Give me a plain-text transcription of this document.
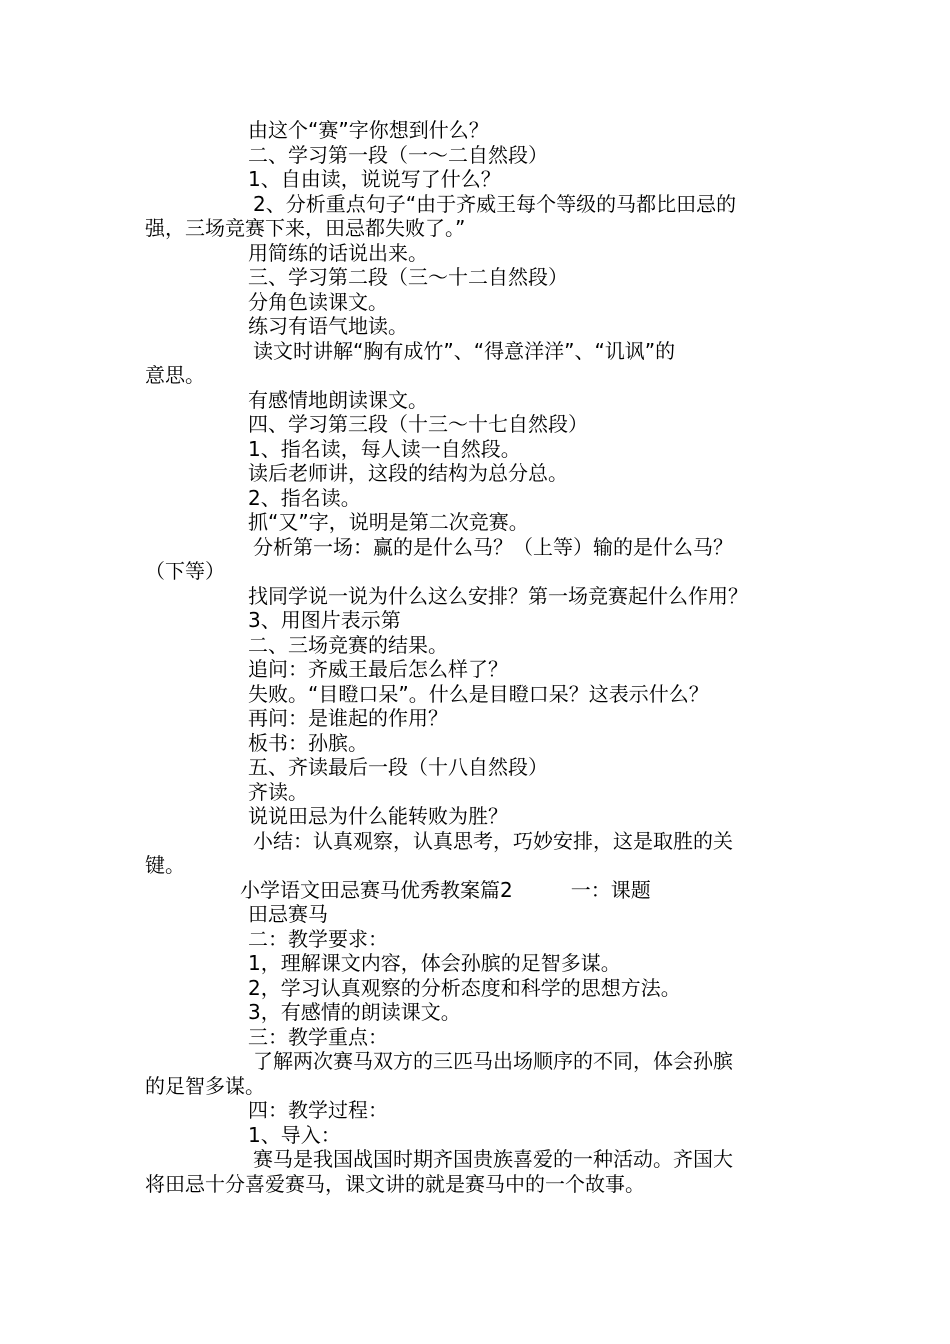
由这个“赛”字你想到什么？
二、学习第一段（一～二自然段）
1、自由读，说说写了什么？
2、分析重点句子“由于齐威王每个等级的马都比田忌的
强，三场竞赛下来，田忌都失败了。”
用简练的话说出来。
三、学习第二段（三～十二自然段）
分角色读课文。
练习有语气地读。
读文时讲解“胸有成竹”、“得意洋洋”、“讥讽”的
意思。
有感情地朗读课文。
四、学习第三段（十三～十七自然段）
1、指名读，每人读一自然段。
读后老师讲，这段的结构为总分总。
2、指名读。
抓“又”字，说明是第二次竞赛。
分析第一场：赢的是什么马？（上等）输的是什么马？
（下等）
找同学说一说为什么这么安排？第一场竞赛起什么作用？
3、用图片表示第
二、三场竞赛的结果。
追问：齐威王最后怎么样了？
失败。“目瞪口呆”。什么是目瞪口呆？这表示什么？
再问：是谁起的作用？
板书：孙膑。
五、齐读最后一段（十八自然段）
齐读。
说说田忌为什么能转败为胜？
小结：认真观察，认真思考，巧妙安排，这是取胜的关
键。
小学语文田忌赛马优秀教案篇2	一：课题
田忌赛马
二：教学要求：
1，理解课文内容，体会孙膑的足智多谋。
2，学习认真观察的分析态度和科学的思想方法。
3，有感情的朗读课文。
三：教学重点：
了解两次赛马双方的三匹马出场顺序的不同，体会孙膑
的足智多谋。
四：教学过程：
1、导入：
赛马是我国战国时期齐国贵族喜爱的一种活动。齐国大
将田忌十分喜爱赛马，课文讲的就是赛马中的一个故事。
